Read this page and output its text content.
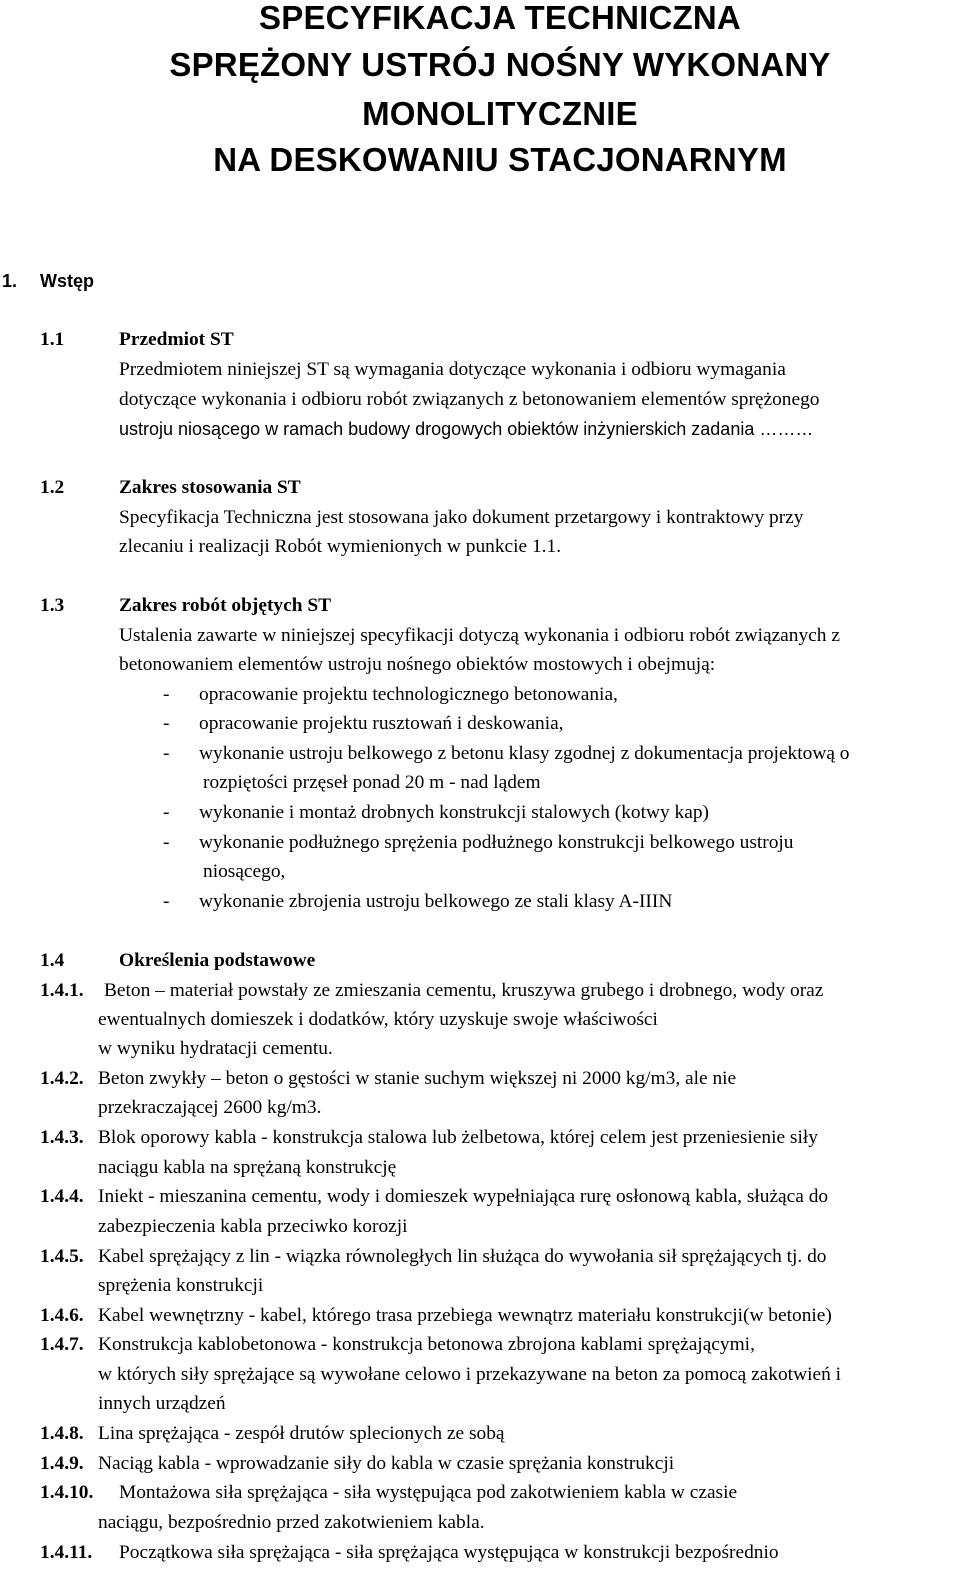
SPECYFIKACJA TECHNICZNA
SPRĘŻONY USTRÓJ NOŚNY WYKONANY
MONOLITYCZNIE
NA DESKOWANIU STACJONARNYM
1. Wstęp
1.1	Przedmiot ST
Przedmiotem niniejszej ST są wymagania dotyczące wykonania i odbioru wymagania
dotyczące wykonania i odbioru robót związanych z betonowaniem elementów sprężonego
ustroju niosącego w ramach budowy drogowych obiektów inżynierskich zadania ………
1.2	Zakres stosowania ST
Specyfikacja Techniczna jest stosowana jako dokument przetargowy i kontraktowy przy
zlecaniu i realizacji Robót wymienionych w punkcie 1.1.
1.3	Zakres robót objętych ST
Ustalenia zawarte w niniejszej specyfikacji dotyczą wykonania i odbioru robót związanych z
betonowaniem elementów ustroju nośnego obiektów mostowych i obejmują:
- opracowanie projektu technologicznego betonowania,
- opracowanie projektu rusztowań i deskowania,
- wykonanie ustroju belkowego z betonu klasy zgodnej z dokumentacja projektową o
rozpiętości przęseł ponad 20 m - nad lądem
- wykonanie i montaż drobnych konstrukcji stalowych (kotwy kap)
- wykonanie podłużnego sprężenia podłużnego konstrukcji belkowego ustroju
niosącego,
- wykonanie zbrojenia ustroju belkowego ze stali klasy A-IIIN
1.4	Określenia podstawowe
1.4.1. Beton – materiał powstały ze zmieszania cementu, kruszywa grubego i drobnego, wody oraz
ewentualnych domieszek i dodatków, który uzyskuje swoje właściwości
w wyniku hydratacji cementu.
1.4.2. Beton zwykły – beton o gęstości w stanie suchym większej ni 2000 kg/m3, ale nie
przekraczającej 2600 kg/m3.
1.4.3. Blok oporowy kabla - konstrukcja stalowa lub żelbetowa, której celem jest przeniesienie siły
naciągu kabla na sprężaną konstrukcję
1.4.4. Iniekt - mieszanina cementu, wody i domieszek wypełniająca rurę osłonową kabla, służąca do
zabezpieczenia kabla przeciwko korozji
1.4.5. Kabel sprężający z lin - wiązka równoległych lin służąca do wywołania sił sprężających tj. do
sprężenia konstrukcji
1.4.6. Kabel wewnętrzny - kabel, którego trasa przebiega wewnątrz materiału konstrukcji(w betonie)
1.4.7. Konstrukcja kablobetonowa - konstrukcja betonowa zbrojona kablami sprężającymi,
w których siły sprężające są wywołane celowo i przekazywane na beton za pomocą zakotwień i
innych urządzeń
1.4.8. Lina sprężająca - zespół drutów splecionych ze sobą
1.4.9. Naciąg kabla - wprowadzanie siły do kabla w czasie sprężania konstrukcji
1.4.10. Montażowa siła sprężająca - siła występująca pod zakotwieniem kabla w czasie
naciągu, bezpośrednio przed zakotwieniem kabla.
1.4.11. Początkowa siła sprężająca - siła sprężająca występująca w konstrukcji bezpośrednio
